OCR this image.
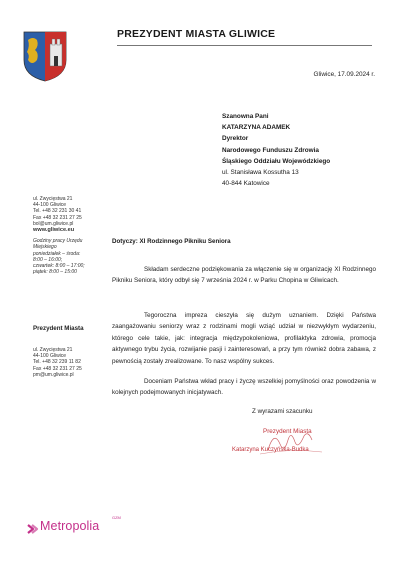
PREZYDENT MIASTA GLIWICE
Gliwice, 17.09.2024 r.
Szanowna Pani
KATARZYNA ADAMEK
Dyrektor
Narodowego Funduszu Zdrowia
Śląskiego Oddziału Wojewódzkiego
ul. Stanisława Kossutha 13
40-844 Katowice
ul. Zwycięstwa 21
44-100 Gliwice
Tel. +48 32 231 30 41
Fax +48 32 231 27 25
bol@um.gliwice.pl
www.gliwice.eu
Godziny pracy Urzędu
Miejskiego
poniedziałek – środa:
8:00 – 16:00;
czwartek: 8:00 – 17:00;
piątek: 8:00 – 15:00
Prezydent Miasta
ul. Zwycięstwa 21
44-100 Gliwice
Tel. +48 32 239 11 82
Fax +48 32 231 27 25
pm@um.gliwice.pl
Dotyczy: XI Rodzinnego Pikniku Seniora

Składam serdeczne podziękowania za włączenie się w organizację XI Rodzinnego Pikniku Seniora, który odbył się 7 września 2024 r. w Parku Chopina w Gliwicach.

Tegoroczna impreza cieszyła się dużym uznaniem. Dzięki Państwa zaangażowaniu seniorzy wraz z rodzinami mogli wziąć udział w niezwykłym wydarzeniu, którego cele takie, jak: integracja międzypokoleniowa, profilaktyka zdrowia, promocja aktywnego trybu życia, rozwijanie pasji i zainteresowań, a przy tym również dobra zabawa, z pewnością zostały zrealizowane. To nasz wspólny sukces.

Doceniam Państwa wkład pracy i życzę wszelkiej pomyślności oraz powodzenia w kolejnych podejmowanych inicjatywach.

Z wyrazami szacunku
Prezydent Miasta
Katarzyna Kuczyńska-Budka
Metropolia
GZM
